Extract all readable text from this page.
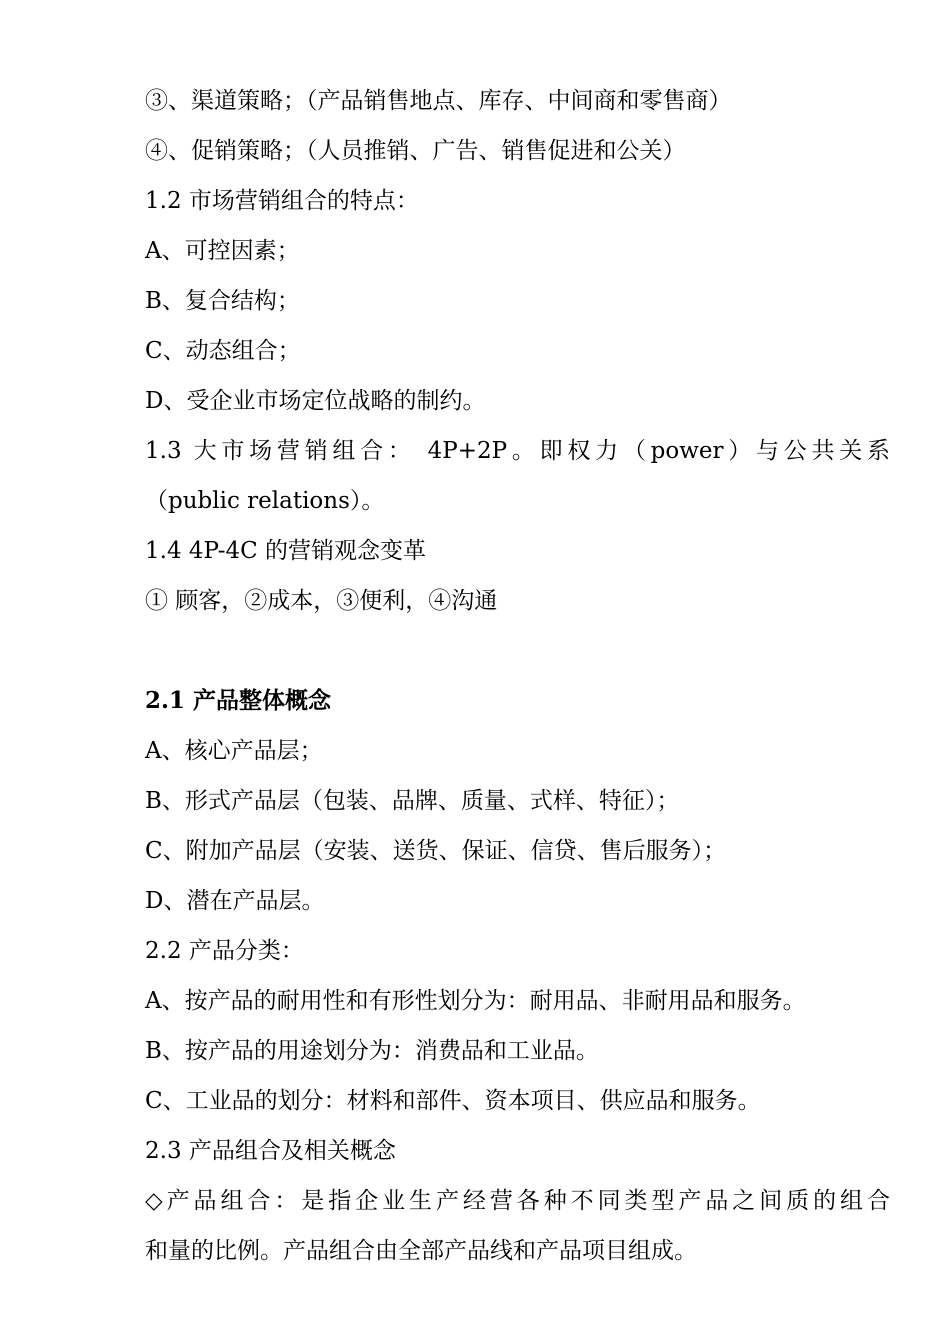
③、渠道策略；（产品销售地点、库存、中间商和零售商）
④、促销策略；（人员推销、广告、销售促进和公关）
1.2 市场营销组合的特点：
A、可控因素；
B、复合结构；
C、动态组合；
D、受企业市场定位战略的制约。
1.3 大市场营销组合： 4P+2P。即权力（power）与公共关系
（public relations）。
1.4 4P-4C 的营销观念变革
① 顾客，②成本，③便利，④沟通
2.1 产品整体概念
A、核心产品层；
B、形式产品层（包装、品牌、质量、式样、特征）；
C、附加产品层（安装、送货、保证、信贷、售后服务）；
D、潜在产品层。
2.2 产品分类：
A、按产品的耐用性和有形性划分为：耐用品、非耐用品和服务。
B、按产品的用途划分为：消费品和工业品。
C、工业品的划分：材料和部件、资本项目、供应品和服务。
2.3 产品组合及相关概念
◇产品组合：是指企业生产经营各种不同类型产品之间质的组合
和量的比例。产品组合由全部产品线和产品项目组成。
